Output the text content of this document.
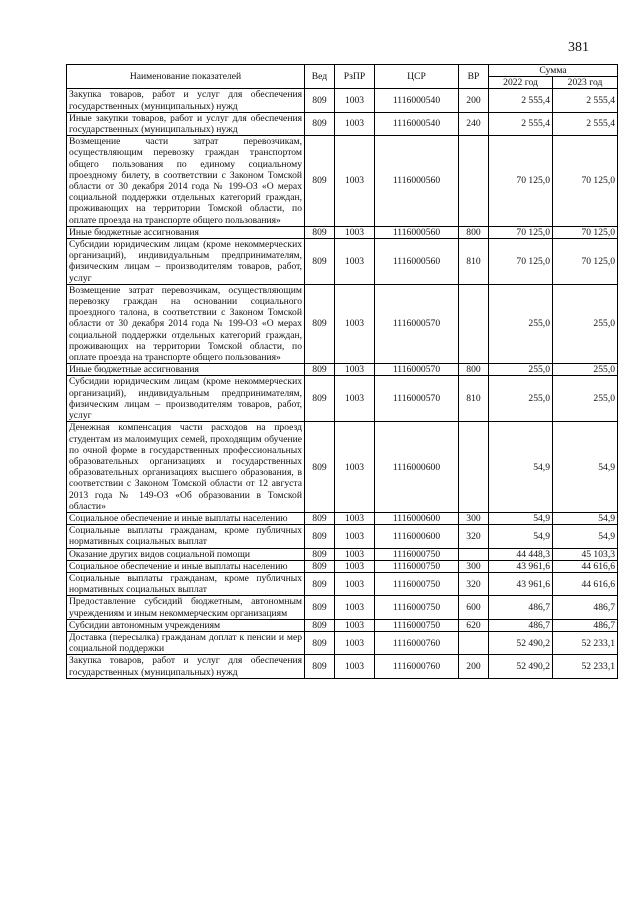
381
Наименование показателей	Вед	РзПР	ЦСР	ВР	Сумма	
					2022 год	2023 год
Закупка товаров, работ и услуг для обеспечения государственных (муниципальных) нужд	809	1003	1116000540	200	2 555,4	2 555,4
Иные закупки товаров, работ и услуг для обеспечения государственных (муниципальных) нужд	809	1003	1116000540	240	2 555,4	2 555,4
Возмещение части затрат перевозчикам, осуществляющим перевозку граждан транспортом общего пользования по единому социальному проездному билету, в соответствии с Законом Томской области от 30 декабря 2014 года № 199-ОЗ «О мерах социальной поддержки отдельных категорий граждан, проживающих на территории Томской области, по оплате проезда на транспорте общего пользования»	809	1003	1116000560		70 125,0	70 125,0
Иные бюджетные ассигнования	809	1003	1116000560	800	70 125,0	70 125,0
Субсидии юридическим лицам (кроме некоммерческих организаций), индивидуальным предпринимателям, физическим лицам – производителям товаров, работ, услуг	809	1003	1116000560	810	70 125,0	70 125,0
Возмещение затрат перевозчикам, осуществляющим перевозку граждан на основании социального проездного талона, в соответствии с Законом Томской области от 30 декабря 2014 года № 199-ОЗ «О мерах социальной поддержки отдельных категорий граждан, проживающих на территории Томской области, по оплате проезда на транспорте общего пользования»	809	1003	1116000570		255,0	255,0
Иные бюджетные ассигнования	809	1003	1116000570	800	255,0	255,0
Субсидии юридическим лицам (кроме некоммерческих организаций), индивидуальным предпринимателям, физическим лицам – производителям товаров, работ, услуг	809	1003	1116000570	810	255,0	255,0
Денежная компенсация части расходов на проезд студентам из малоимущих семей, проходящим обучение по очной форме в государственных профессиональных образовательных организациях и государственных образовательных организациях высшего образования, в соответствии с Законом Томской области от 12 августа 2013 года № 149-ОЗ «Об образовании в Томской области»	809	1003	1116000600		54,9	54,9
Социальное обеспечение и иные выплаты населению	809	1003	1116000600	300	54,9	54,9
Социальные выплаты гражданам, кроме публичных нормативных социальных выплат	809	1003	1116000600	320	54,9	54,9
Оказание других видов социальной помощи	809	1003	1116000750		44 448,3	45 103,3
Социальное обеспечение и иные выплаты населению	809	1003	1116000750	300	43 961,6	44 616,6
Социальные выплаты гражданам, кроме публичных нормативных социальных выплат	809	1003	1116000750	320	43 961,6	44 616,6
Предоставление субсидий бюджетным, автономным учреждениям и иным некоммерческим организациям	809	1003	1116000750	600	486,7	486,7
Субсидии автономным учреждениям	809	1003	1116000750	620	486,7	486,7
Доставка (пересылка) гражданам доплат к пенсии и мер социальной поддержки	809	1003	1116000760		52 490,2	52 233,1
Закупка товаров, работ и услуг для обеспечения государственных (муниципальных) нужд	809	1003	1116000760	200	52 490,2	52 233,1
